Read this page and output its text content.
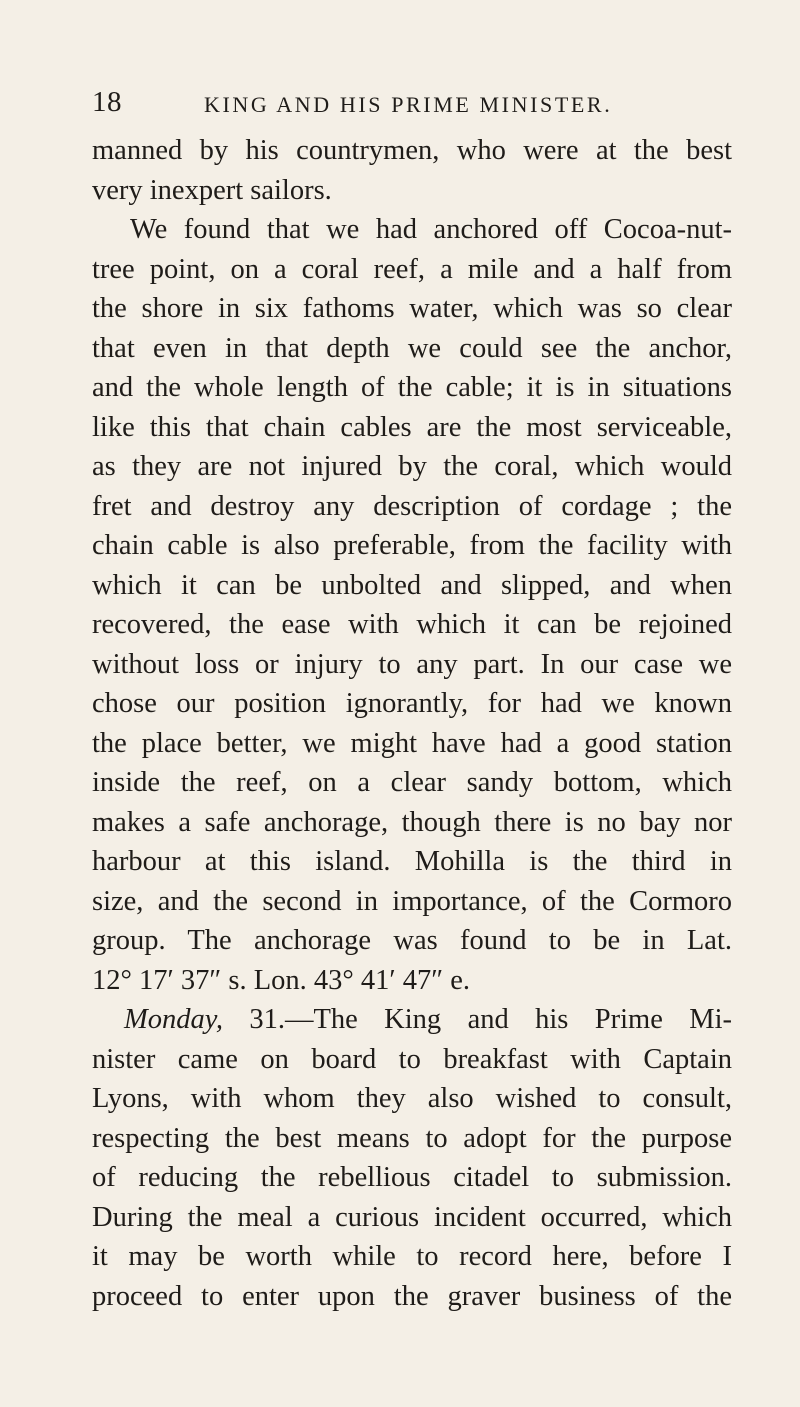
18	KING AND HIS PRIME MINISTER.
manned by his countrymen, who were at the best
very inexpert sailors.
We found that we had anchored off Cocoa-nut-
tree point, on a coral reef, a mile and a half from
the shore in six fathoms water, which was so clear
that even in that depth we could see the anchor,
and the whole length of the cable; it is in situations
like this that chain cables are the most serviceable,
as they are not injured by the coral, which would
fret and destroy any description of cordage ; the
chain cable is also preferable, from the facility with
which it can be unbolted and slipped, and when
recovered, the ease with which it can be rejoined
without loss or injury to any part. In our case we
chose our position ignorantly, for had we known
the place better, we might have had a good station
inside the reef, on a clear sandy bottom, which
makes a safe anchorage, though there is no bay nor
harbour at this island. Mohilla is the third in
size, and the second in importance, of the Cormoro
group. The anchorage was found to be in Lat.
12° 17′ 37″ s. Lon. 43° 41′ 47″ e.
Monday, 31.—The King and his Prime Mi-
nister came on board to breakfast with Captain
Lyons, with whom they also wished to consult,
respecting the best means to adopt for the purpose
of reducing the rebellious citadel to submission.
During the meal a curious incident occurred, which
it may be worth while to record here, before I
proceed to enter upon the graver business of the
